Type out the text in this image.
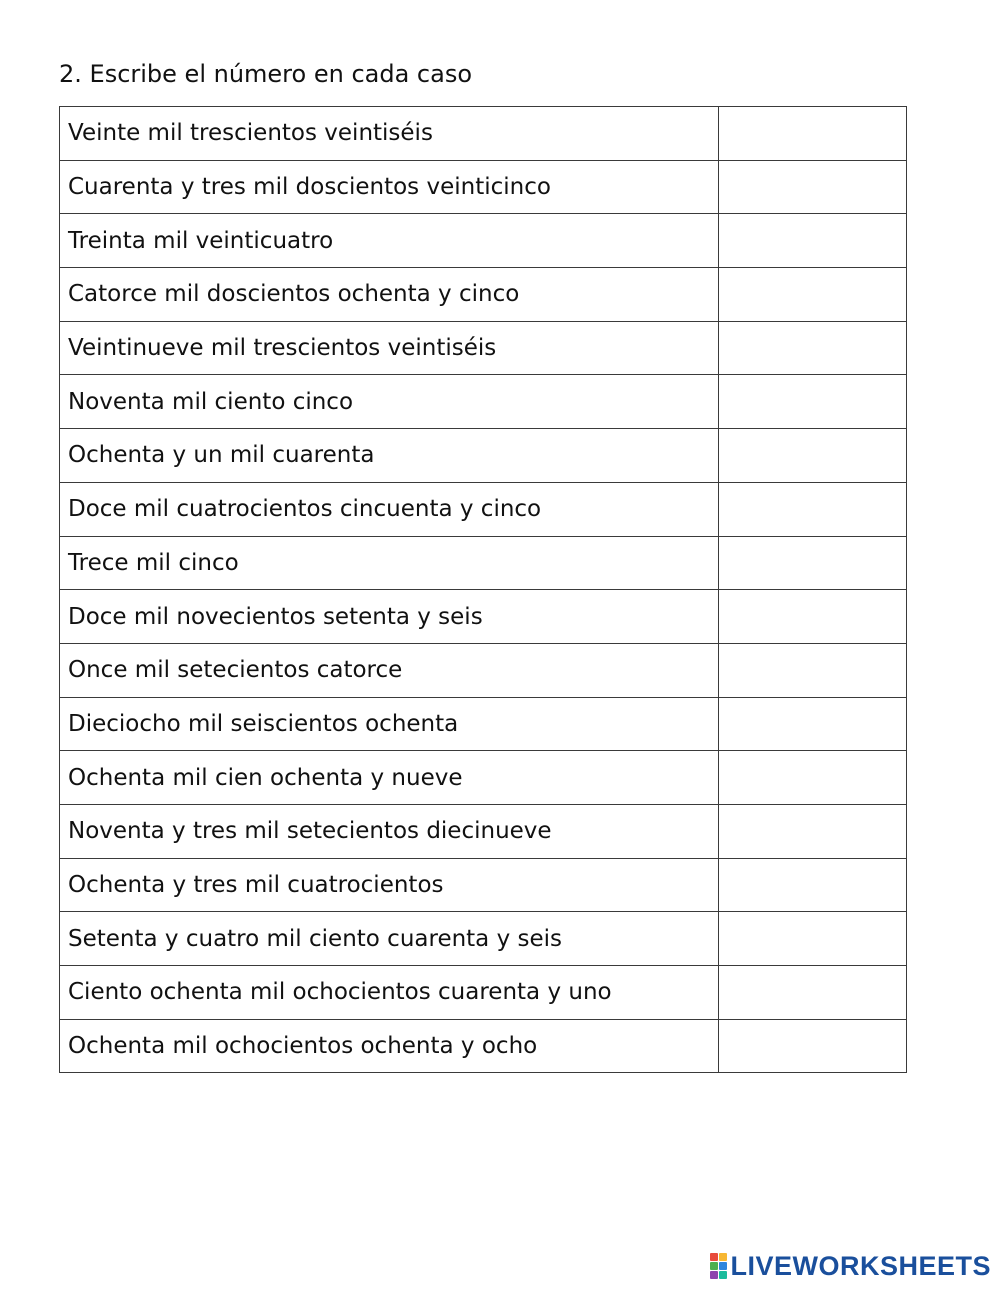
2. Escribe el número en cada caso
Veinte mil trescientos veintiséis	

Cuarenta y tres mil doscientos veinticinco	

Treinta mil veinticuatro	

Catorce mil doscientos ochenta y cinco	

Veintinueve mil trescientos veintiséis	

Noventa mil ciento cinco	

Ochenta y un mil cuarenta	

Doce mil cuatrocientos cincuenta y cinco	

Trece mil cinco	

Doce mil novecientos setenta y seis	

Once mil setecientos catorce	

Dieciocho mil seiscientos ochenta	

Ochenta mil cien ochenta y nueve	

Noventa y tres mil setecientos diecinueve	

Ochenta y tres mil cuatrocientos	

Setenta y cuatro mil ciento cuarenta y seis	

Ciento ochenta mil ochocientos cuarenta y uno	

Ochenta mil ochocientos ochenta y ocho	
LIVEWORKSHEETS
